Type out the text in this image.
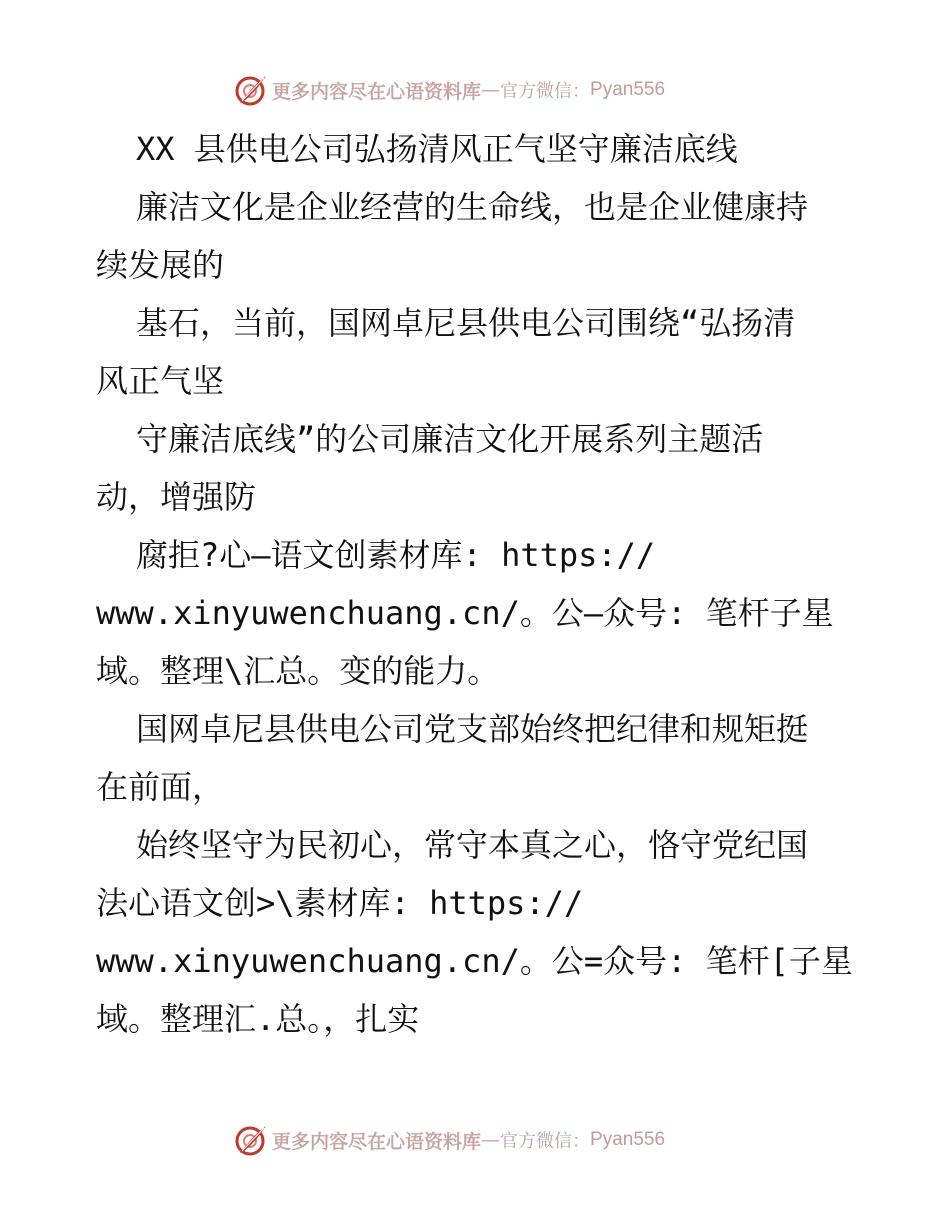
更多内容尽在心语资料库 — 官方微信： Pyan556
XX 县供电公司弘扬清风正气坚守廉洁底线
廉洁文化是企业经营的生命线，也是企业健康持
续发展的
基石，当前，国网卓尼县供电公司围绕“弘扬清
风正气坚
守廉洁底线”的公司廉洁文化开展系列主题活
动，增强防
腐拒?心—语文创素材库: https://
www.xinyuwenchuang.cn/。公—众号: 笔杆子星
域。整理\汇总。变的能力。
国网卓尼县供电公司党支部始终把纪律和规矩挺
在前面，
始终坚守为民初心，常守本真之心，恪守党纪国
法心语文创>\素材库: https://
www.xinyuwenchuang.cn/。公=众号: 笔杆[子星
域。整理汇.总。，扎实
更多内容尽在心语资料库 — 官方微信： Pyan556
